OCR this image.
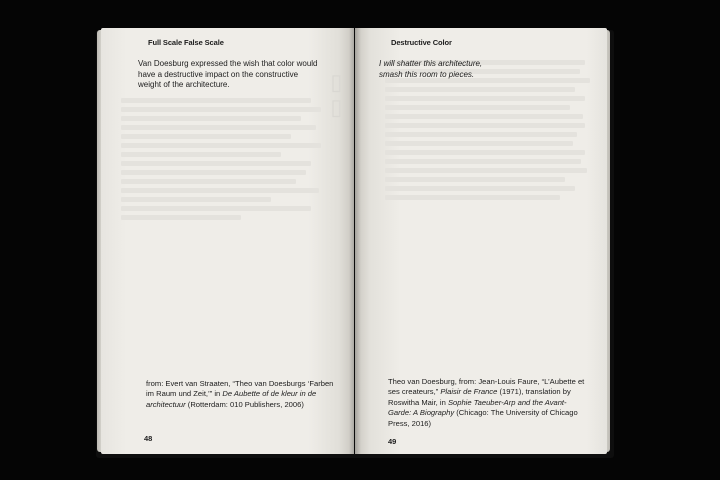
Full Scale False Scale
▯▯
Van Doesburg expressed the wish that color would have a destructive impact on the constructive weight of the architecture.
from: Evert van Straaten, “Theo van Doesburgs ‘Farben im Raum und Zeit,’” in De Aubette of de kleur in de architectuur (Rotterdam: 010 Publishers, 2006)
48
Destructive Color
I will shatter this architecture, smash this room to pieces.
Theo van Doesburg, from: Jean-Louis Faure, “L’Aubette et ses createurs,” Plaisir de France (1971), translation by Roswitha Mair, in Sophie Taeuber-Arp and the Avant-Garde: A Biography (Chicago: The University of Chicago Press, 2016)
49
